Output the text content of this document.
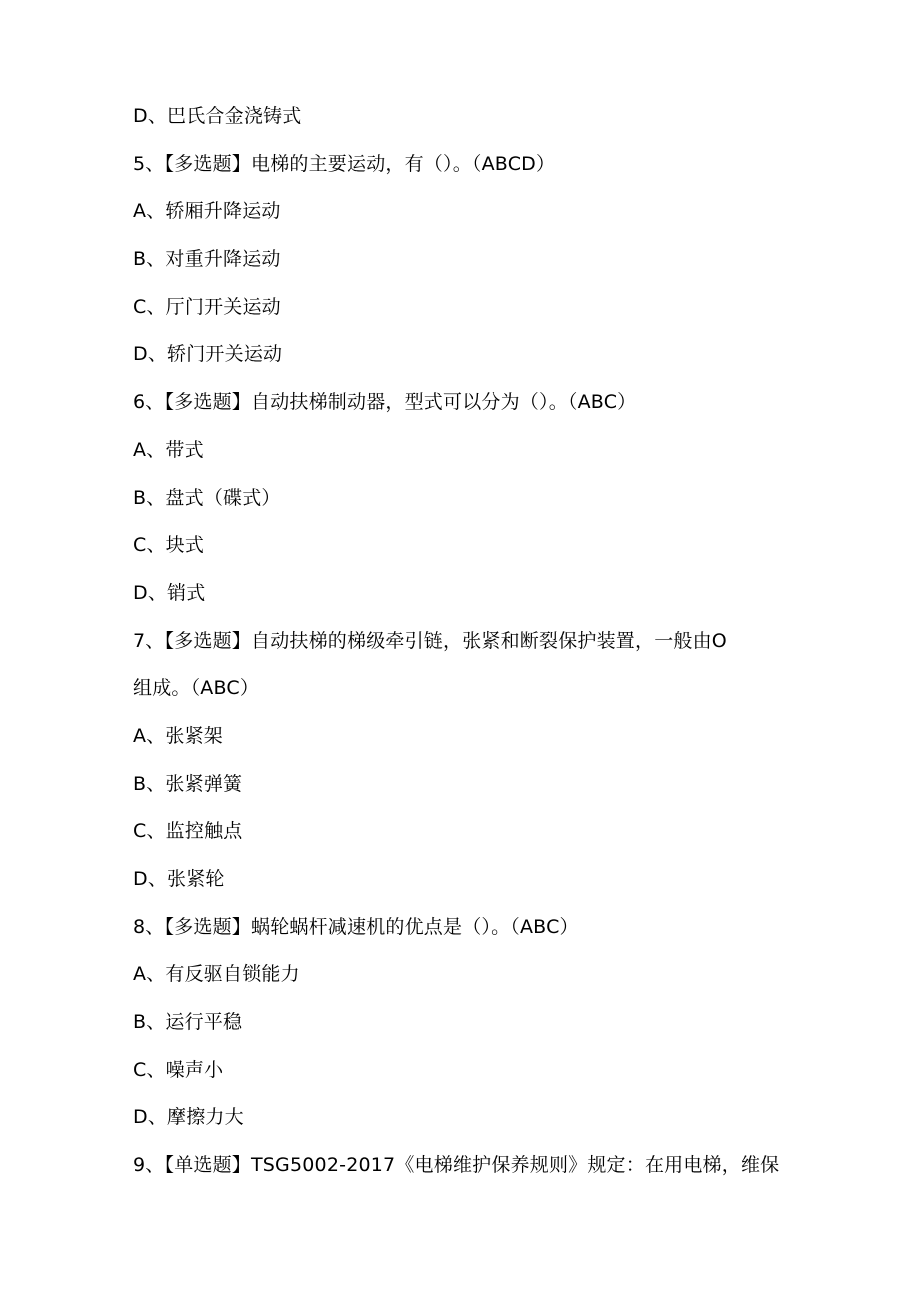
D、巴氏合金浇铸式
5、【多选题】电梯的主要运动，有（）。（ABCD）
A、轿厢升降运动
B、对重升降运动
C、厅门开关运动
D、轿门开关运动
6、【多选题】自动扶梯制动器，型式可以分为（）。（ABC）
A、带式
B、盘式（碟式）
C、块式
D、销式
7、【多选题】自动扶梯的梯级牵引链，张紧和断裂保护装置，一般由O
组成。（ABC）
A、张紧架
B、张紧弹簧
C、监控触点
D、张紧轮
8、【多选题】蜗轮蜗杆减速机的优点是（）。（ABC）
A、有反驱自锁能力
B、运行平稳
C、噪声小
D、摩擦力大
9、【单选题】TSG5002-2017《电梯维护保养规则》规定：在用电梯，维保
